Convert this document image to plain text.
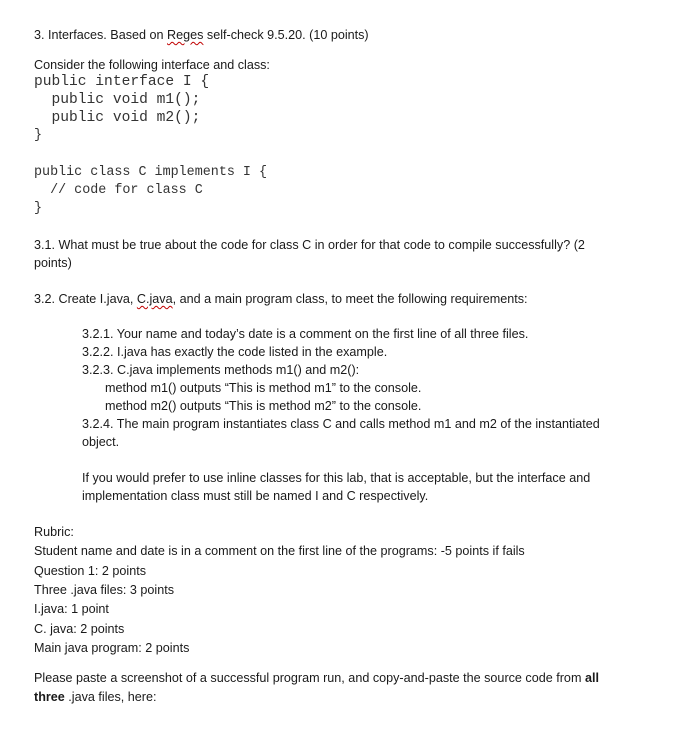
3. Interfaces. Based on Reges self-check 9.5.20. (10 points)
Consider the following interface and class:
public interface I {
public void m1();
public void m2();
}
public class C implements I {
// code for class C
}
3.1. What must be true about the code for class C in order for that code to compile successfully? (2
points)
3.2. Create I.java, C.java, and a main program class, to meet the following requirements:
3.2.1. Your name and today’s date is a comment on the first line of all three files.
3.2.2. I.java has exactly the code listed in the example.
3.2.3. C.java implements methods m1() and m2():
method m1() outputs “This is method m1” to the console.
method m2() outputs “This is method m2” to the console.
3.2.4. The main program instantiates class C and calls method m1 and m2 of the instantiated
object.
If you would prefer to use inline classes for this lab, that is acceptable, but the interface and
implementation class must still be named I and C respectively.
Rubric:
Student name and date is in a comment on the first line of the programs: -5 points if fails
Question 1: 2 points
Three .java files: 3 points
I.java: 1 point
C. java: 2 points
Main java program: 2 points
Please paste a screenshot of a successful program run, and copy-and-paste the source code from all
three .java files, here:
